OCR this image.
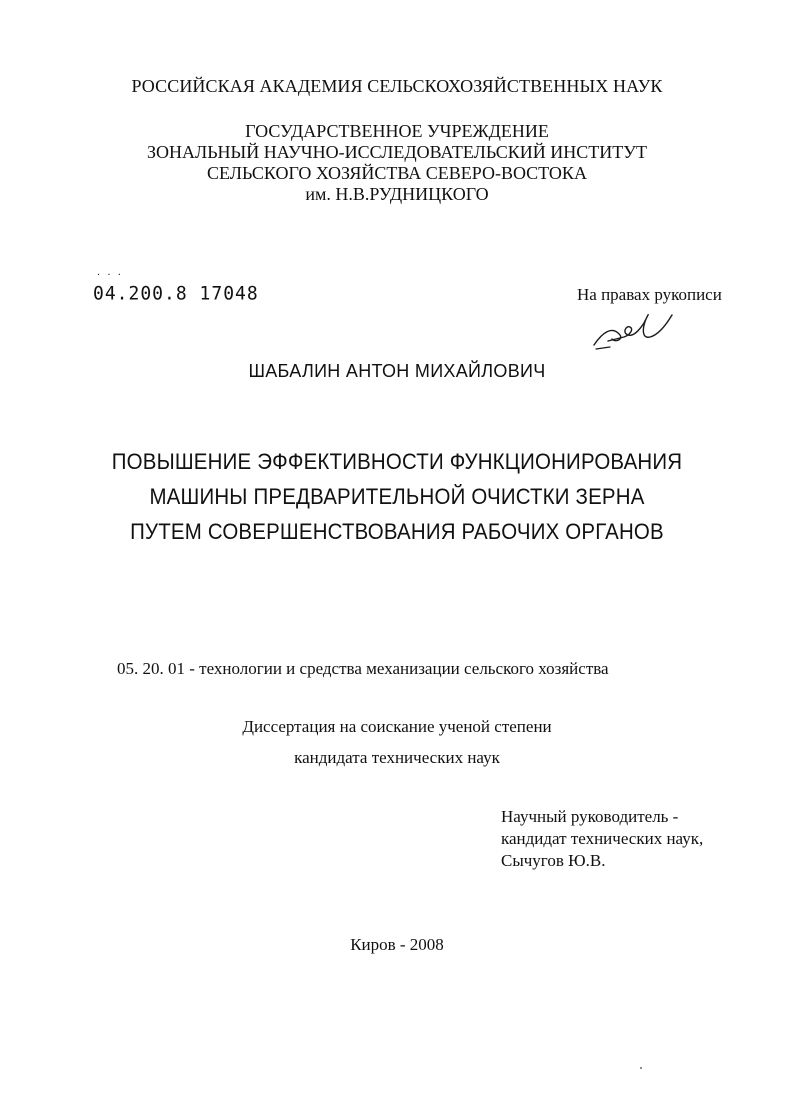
РОССИЙСКАЯ АКАДЕМИЯ СЕЛЬСКОХОЗЯЙСТВЕННЫХ НАУК
ГОСУДАРСТВЕННОЕ УЧРЕЖДЕНИЕ
ЗОНАЛЬНЫЙ НАУЧНО-ИССЛЕДОВАТЕЛЬСКИЙ ИНСТИТУТ
СЕЛЬСКОГО ХОЗЯЙСТВА СЕВЕРО-ВОСТОКА
им. Н.В.РУДНИЦКОГО
· · ·
04.200.8 17048	На правах рукописи
ШАБАЛИН АНТОН МИХАЙЛОВИЧ
ПОВЫШЕНИЕ ЭФФЕКТИВНОСТИ ФУНКЦИОНИРОВАНИЯ
МАШИНЫ ПРЕДВАРИТЕЛЬНОЙ ОЧИСТКИ ЗЕРНА
ПУТЕМ СОВЕРШЕНСТВОВАНИЯ РАБОЧИХ ОРГАНОВ
05. 20. 01 - технологии и средства механизации сельского хозяйства
Диссертация на соискание ученой степени
кандидата технических наук
Научный руководитель -
кандидат технических наук,
Сычугов Ю.В.
Киров - 2008
